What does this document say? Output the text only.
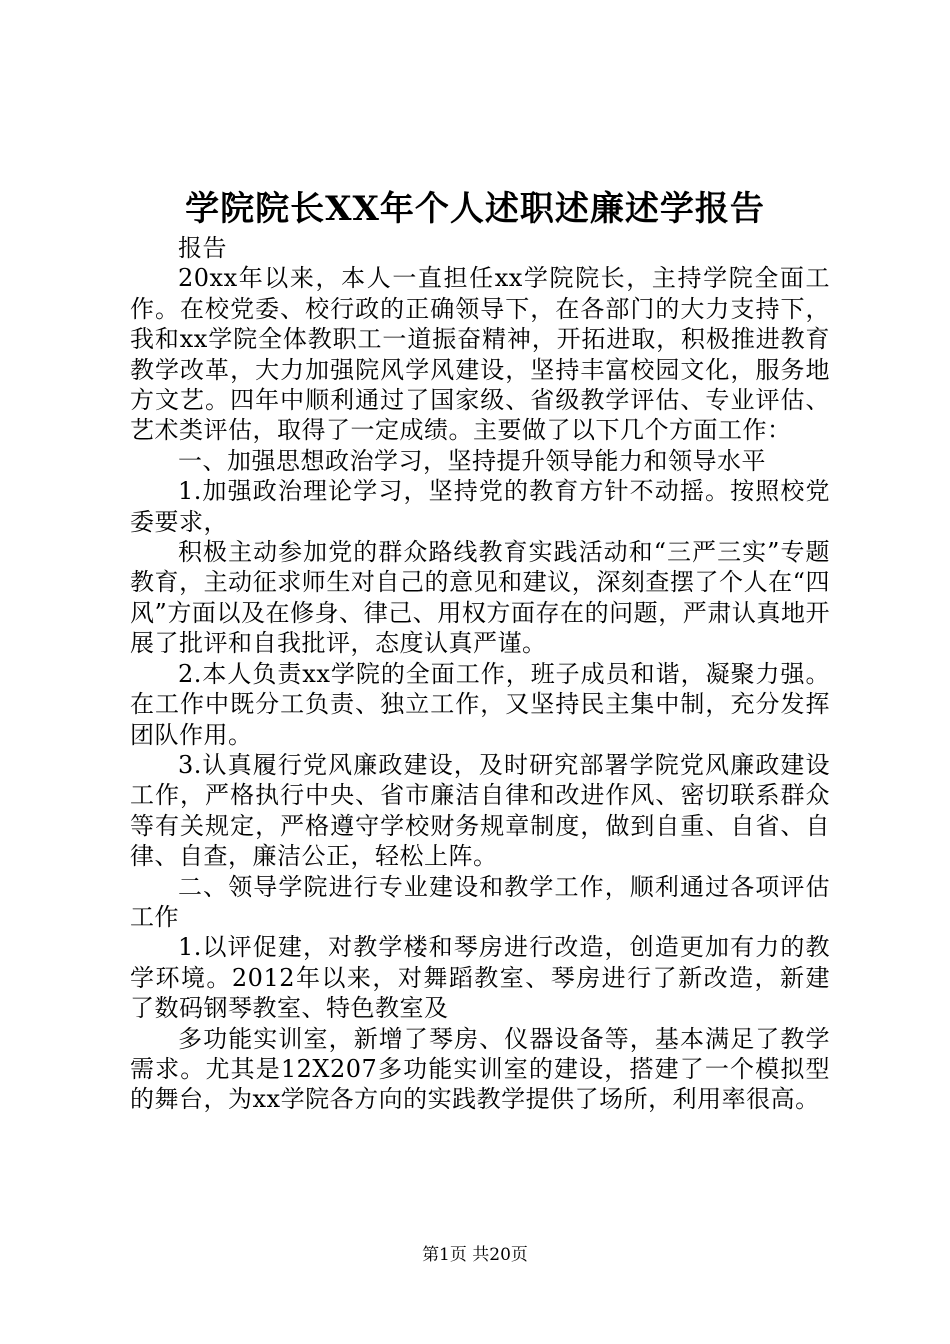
学院院长XX年个人述职述廉述学报告

报告

20xx年以来，本人一直担任xx学院院长，主持学院全面工作。在校党委、校行政的正确领导下，在各部门的大力支持下，我和xx学院全体教职工一道振奋精神，开拓进取，积极推进教育教学改革，大力加强院风学风建设，坚持丰富校园文化，服务地方文艺。四年中顺利通过了国家级、省级教学评估、专业评估、艺术类评估，取得了一定成绩。主要做了以下几个方面工作：

一、加强思想政治学习，坚持提升领导能力和领导水平

1.加强政治理论学习，坚持党的教育方针不动摇。按照校党委要求，

积极主动参加党的群众路线教育实践活动和“三严三实”专题教育，主动征求师生对自己的意见和建议，深刻查摆了个人在“四风”方面以及在修身、律己、用权方面存在的问题，严肃认真地开展了批评和自我批评，态度认真严谨。

2.本人负责xx学院的全面工作，班子成员和谐，凝聚力强。在工作中既分工负责、独立工作，又坚持民主集中制，充分发挥团队作用。

3.认真履行党风廉政建设，及时研究部署学院党风廉政建设工作，严格执行中央、省市廉洁自律和改进作风、密切联系群众等有关规定，严格遵守学校财务规章制度，做到自重、自省、自律、自查，廉洁公正，轻松上阵。

二、领导学院进行专业建设和教学工作，顺利通过各项评估工作

1.以评促建，对教学楼和琴房进行改造，创造更加有力的教学环境。2012年以来，对舞蹈教室、琴房进行了新改造，新建了数码钢琴教室、特色教室及

多功能实训室，新增了琴房、仪器设备等，基本满足了教学需求。尤其是12X207多功能实训室的建设，搭建了一个模拟型的舞台，为xx学院各方向的实践教学提供了场所，利用率很高。

第1页 共20页
